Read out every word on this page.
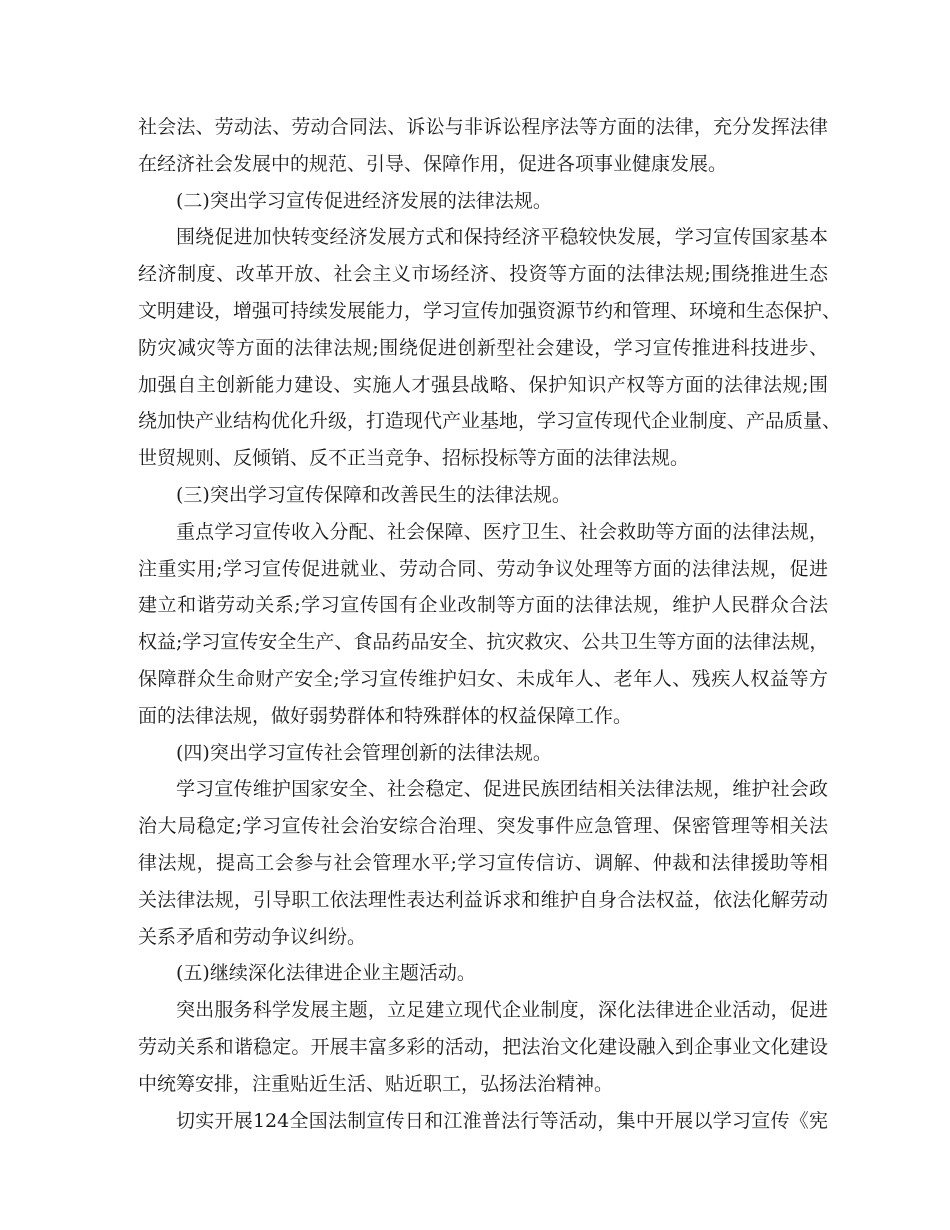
社会法、劳动法、劳动合同法、诉讼与非诉讼程序法等方面的法律，充分发挥法律
在经济社会发展中的规范、引导、保障作用，促进各项事业健康发展。
(二)突出学习宣传促进经济发展的法律法规。
围绕促进加快转变经济发展方式和保持经济平稳较快发展，学习宣传国家基本
经济制度、改革开放、社会主义市场经济、投资等方面的法律法规;围绕推进生态
文明建设，增强可持续发展能力，学习宣传加强资源节约和管理、环境和生态保护、
防灾减灾等方面的法律法规;围绕促进创新型社会建设，学习宣传推进科技进步、
加强自主创新能力建设、实施人才强县战略、保护知识产权等方面的法律法规;围
绕加快产业结构优化升级，打造现代产业基地，学习宣传现代企业制度、产品质量、
世贸规则、反倾销、反不正当竞争、招标投标等方面的法律法规。
(三)突出学习宣传保障和改善民生的法律法规。
重点学习宣传收入分配、社会保障、医疗卫生、社会救助等方面的法律法规，
注重实用;学习宣传促进就业、劳动合同、劳动争议处理等方面的法律法规，促进
建立和谐劳动关系;学习宣传国有企业改制等方面的法律法规，维护人民群众合法
权益;学习宣传安全生产、食品药品安全、抗灾救灾、公共卫生等方面的法律法规，
保障群众生命财产安全;学习宣传维护妇女、未成年人、老年人、残疾人权益等方
面的法律法规，做好弱势群体和特殊群体的权益保障工作。
(四)突出学习宣传社会管理创新的法律法规。
学习宣传维护国家安全、社会稳定、促进民族团结相关法律法规，维护社会政
治大局稳定;学习宣传社会治安综合治理、突发事件应急管理、保密管理等相关法
律法规，提高工会参与社会管理水平;学习宣传信访、调解、仲裁和法律援助等相
关法律法规，引导职工依法理性表达利益诉求和维护自身合法权益，依法化解劳动
关系矛盾和劳动争议纠纷。
(五)继续深化法律进企业主题活动。
突出服务科学发展主题，立足建立现代企业制度，深化法律进企业活动，促进
劳动关系和谐稳定。开展丰富多彩的活动，把法治文化建设融入到企事业文化建设
中统筹安排，注重贴近生活、贴近职工，弘扬法治精神。
切实开展124全国法制宣传日和江淮普法行等活动，集中开展以学习宣传《宪
